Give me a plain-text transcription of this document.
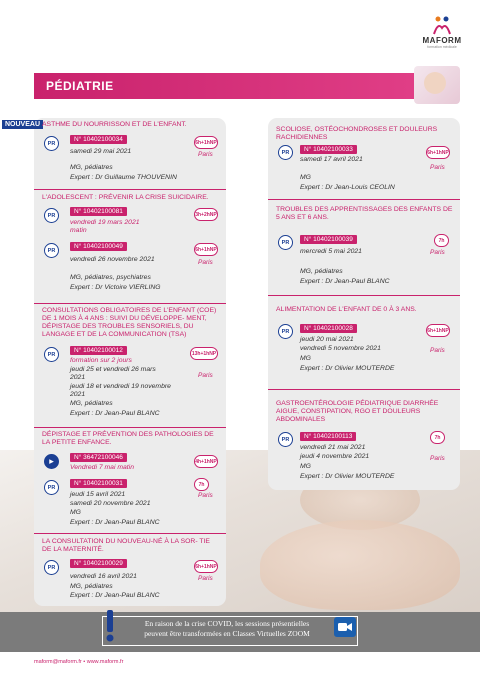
MAFORM
formation médicale
PÉDIATRIE
NOUVEAU ASTHME DU NOURRISSON ET DE L'ENFANT.
PR
N° 10402100034	6h+1hNP
samedi 29 mai 2021	Paris
MG, pédiatres
Expert : Dr Guillaume THOUVENIN
L'ADOLESCENT : PRÉVENIR LA CRISE SUICIDAIRE.
PR
N° 10402100081	3h+2hNP
vendredi 19 mars 2021
matin
PR
N° 10402100049	6h+1hNP
vendredi 26 novembre 2021	Paris
MG, pédiatres, psychiatres
Expert : Dr Victoire VIERLING
CONSULTATIONS OBLIGATOIRES DE L'ENFANT (COE) DE 1 MOIS À 4 ANS : SUIVI DU DÉVELOPPE- MENT, DÉPISTAGE DES TROUBLES SENSORIELS, DU LANGAGE ET DE LA COMMUNICATION (TSA)
PR
N° 10402100012	13h+1hNP
formation sur 2 jours
jeudi 25 et vendredi 26 mars
2021	Paris
jeudi 18 et vendredi 19 novembre
2021
MG, pédiatres
Expert : Dr Jean-Paul BLANC
DÉPISTAGE ET PRÉVENTION DES PATHOLOGIES DE LA PETITE ENFANCE.
▶
N° 36472100046
4h+1hNP
Vendredi 7 mai matin
PR
N° 10402100031	7h
jeudi 15 avril 2021	Paris
samedi 20 novembre 2021
MG
Expert : Dr Jean-Paul BLANC
LA CONSULTATION DU NOUVEAU-NÉ À LA SOR- TIE DE LA MATERNITÉ.
PR
N° 10402100029	6h+1hNP
vendredi 16 avril 2021	Paris
MG, pédiatres
Expert : Dr Jean-Paul BLANC
SCOLIOSE, OSTÉOCHONDROSES ET DOULEURS RACHIDIENNES
PR	N° 10402100033	6h+1hNP
samedi 17 avril 2021
Paris
MG
Expert : Dr Jean-Louis CEOLIN
TROUBLES DES APPRENTISSAGES DES ENFANTS DE 5 ANS ET 6 ANS.
PR	N° 10402100039	7h
mercredi 5 mai 2021	Paris
MG, pédiatres
Expert : Dr Jean-Paul BLANC
ALIMENTATION DE L'ENFANT DE 0 À 3 ANS.
PR	N° 10402100028	6h+1hNP
jeudi 20 mai 2021
vendredi 5 novembre 2021	Paris
MG
Expert : Dr Olivier MOUTERDE
GASTROENTÉROLOGIE PÉDIATRIQUE DIARRHÉE AIGUE, CONSTIPATION, RGO ET DOULEURS ABDOMINALES
PR	N° 10402100113	7h
vendredi 21 mai 2021
jeudi 4 novembre 2021	Paris
MG
Expert : Dr Olivier MOUTERDE
En raison de la crise COVID, les sessions présentielles
peuvent être transformées en Classes Virtuelles ZOOM
maform@maform.fr • www.maform.fr
